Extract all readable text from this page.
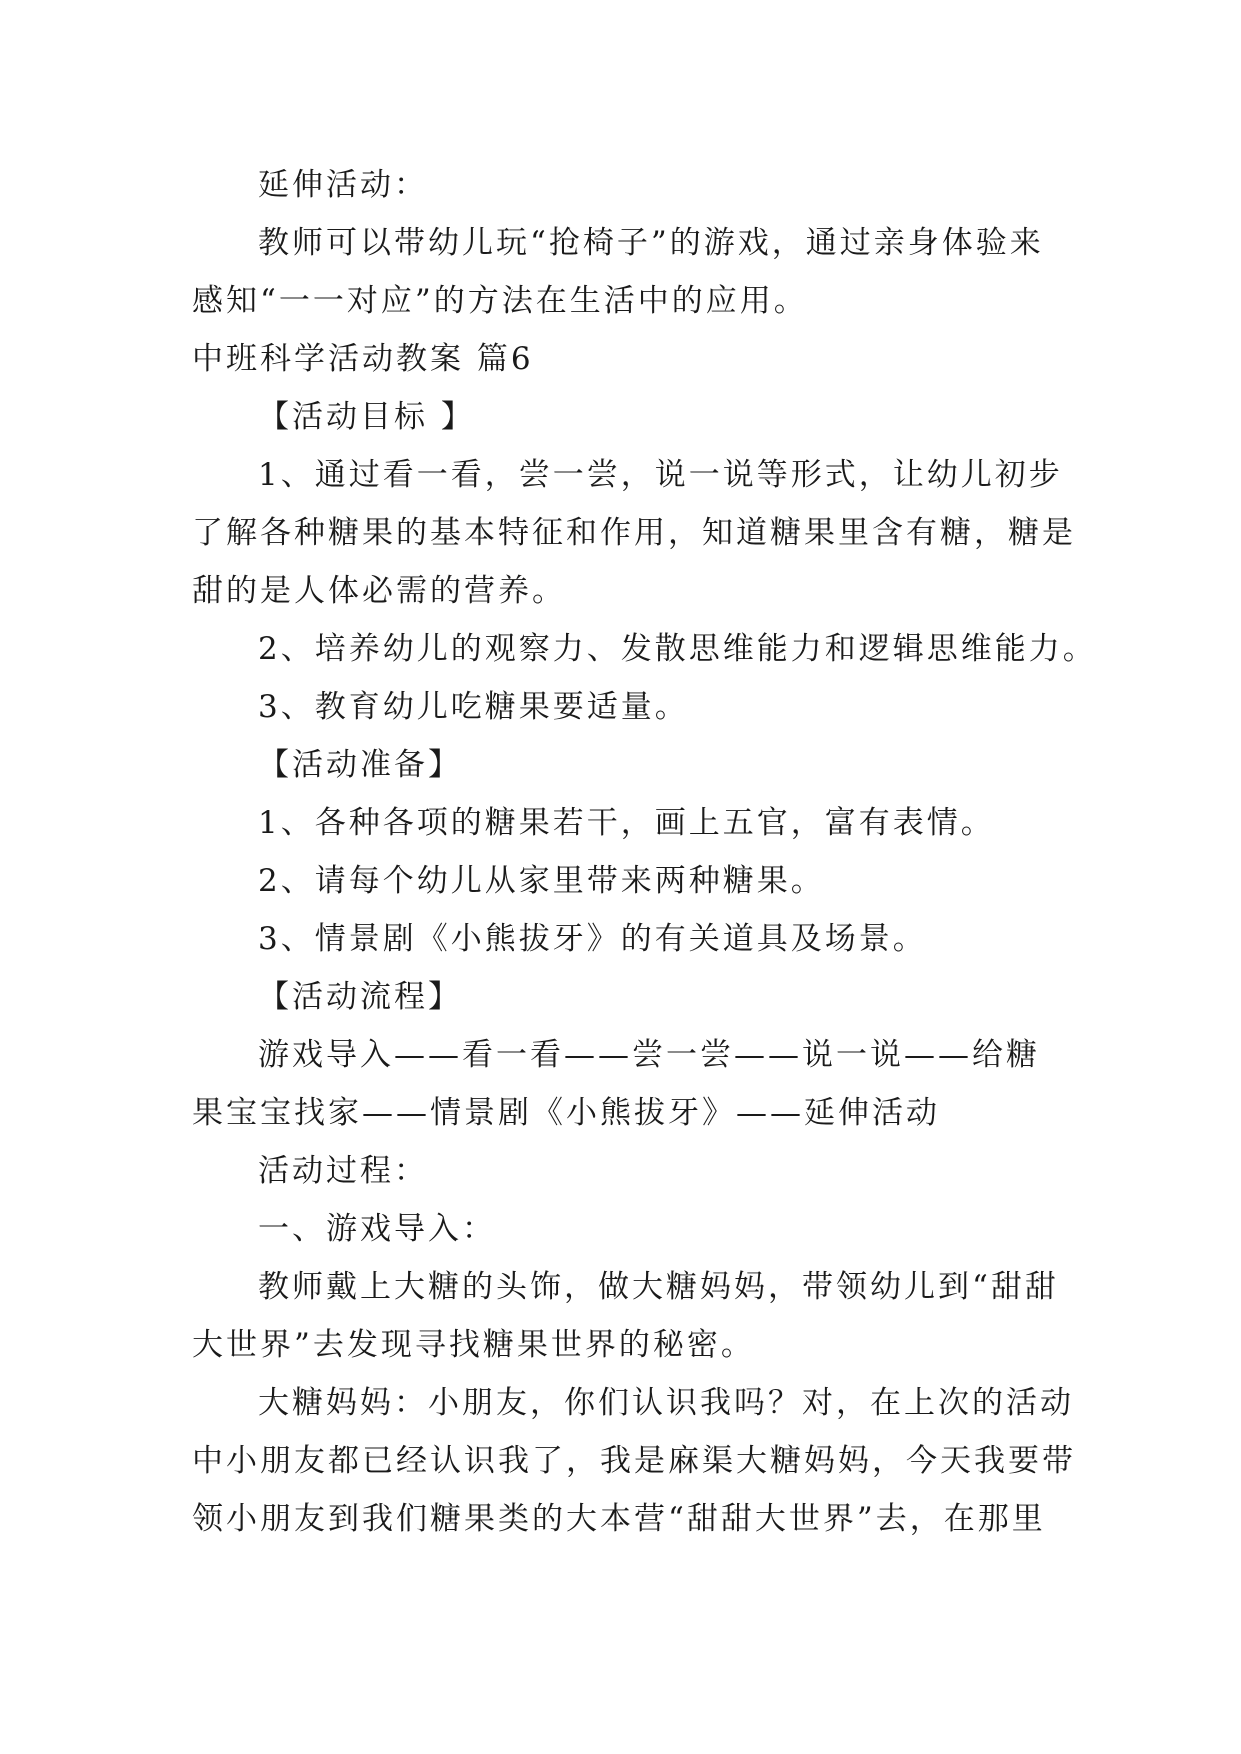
延伸活动：
教师可以带幼儿玩“抢椅子”的游戏，通过亲身体验来
感知“一一对应”的方法在生活中的应用。
中班科学活动教案 篇6
【活动目标 】
1、通过看一看，尝一尝，说一说等形式，让幼儿初步
了解各种糖果的基本特征和作用，知道糖果里含有糖，糖是
甜的是人体必需的营养。
2、培养幼儿的观察力、发散思维能力和逻辑思维能力。
3、教育幼儿吃糖果要适量。
【活动准备】
1、各种各项的糖果若干，画上五官，富有表情。
2、请每个幼儿从家里带来两种糖果。
3、情景剧《小熊拔牙》的有关道具及场景。
【活动流程】
游戏导入——看一看——尝一尝——说一说——给糖
果宝宝找家——情景剧《小熊拔牙》——延伸活动
活动过程：
一、游戏导入：
教师戴上大糖的头饰，做大糖妈妈，带领幼儿到“甜甜
大世界”去发现寻找糖果世界的秘密。
大糖妈妈：小朋友，你们认识我吗？对，在上次的活动
中小朋友都已经认识我了，我是麻渠大糖妈妈，今天我要带
领小朋友到我们糖果类的大本营“甜甜大世界”去，在那里
